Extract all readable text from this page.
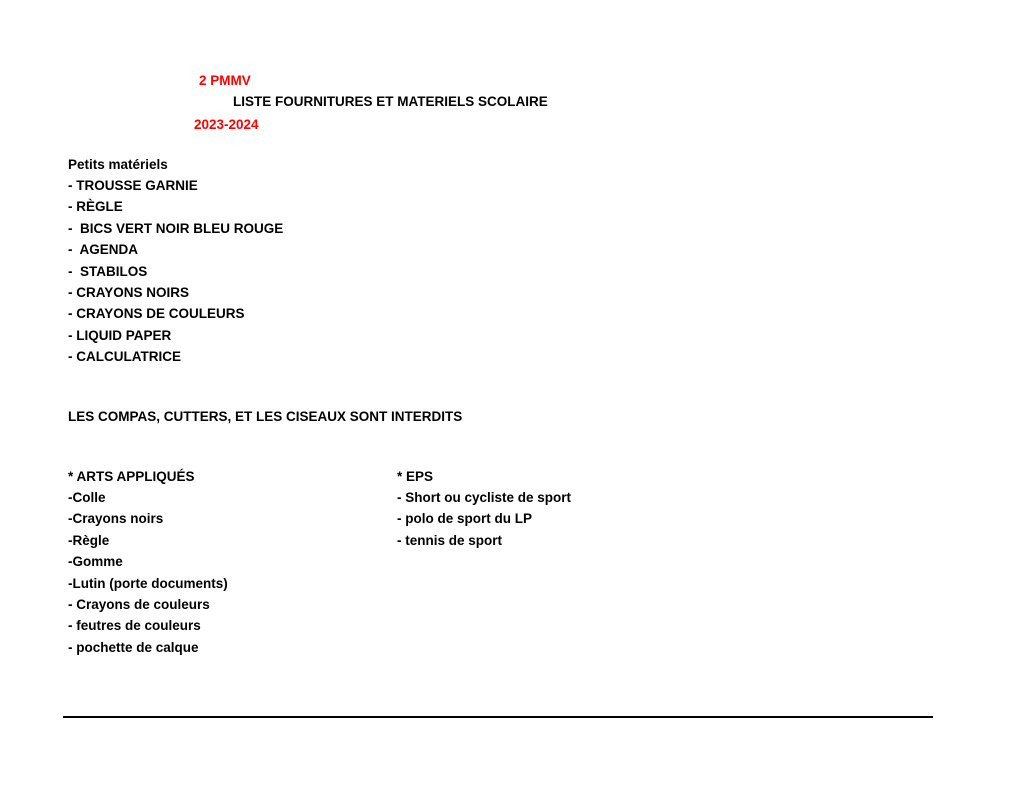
2 PMMV
LISTE FOURNITURES ET MATERIELS SCOLAIRE
2023-2024
Petits matériels
- TROUSSE GARNIE
- RÈGLE
-  BICS VERT NOIR BLEU ROUGE
-  AGENDA
-  STABILOS
- CRAYONS NOIRS
- CRAYONS DE COULEURS
- LIQUID PAPER
- CALCULATRICE
LES COMPAS, CUTTERS, ET LES CISEAUX SONT INTERDITS
* ARTS APPLIQUÉS
-Colle
-Crayons noirs
-Règle
-Gomme
-Lutin (porte documents)
- Crayons de couleurs
- feutres de couleurs
- pochette de calque
* EPS
- Short ou cycliste de sport
- polo de sport du LP
- tennis de sport
